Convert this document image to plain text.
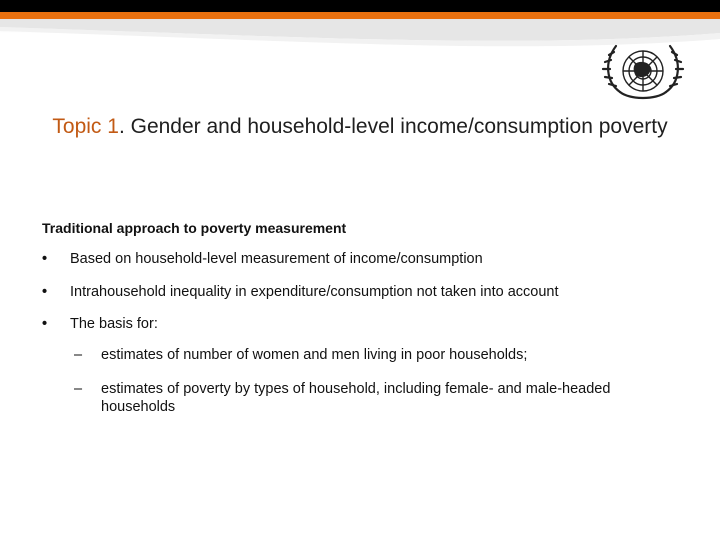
Topic 1. Gender and household-level income/consumption poverty
Traditional approach to poverty measurement
• Based on household-level measurement of income/consumption
• Intrahousehold inequality in expenditure/consumption not taken into account
• The basis for:
–	estimates of number of women and men living in poor households;
–	estimates of poverty by types of household, including female- and male-headed households
